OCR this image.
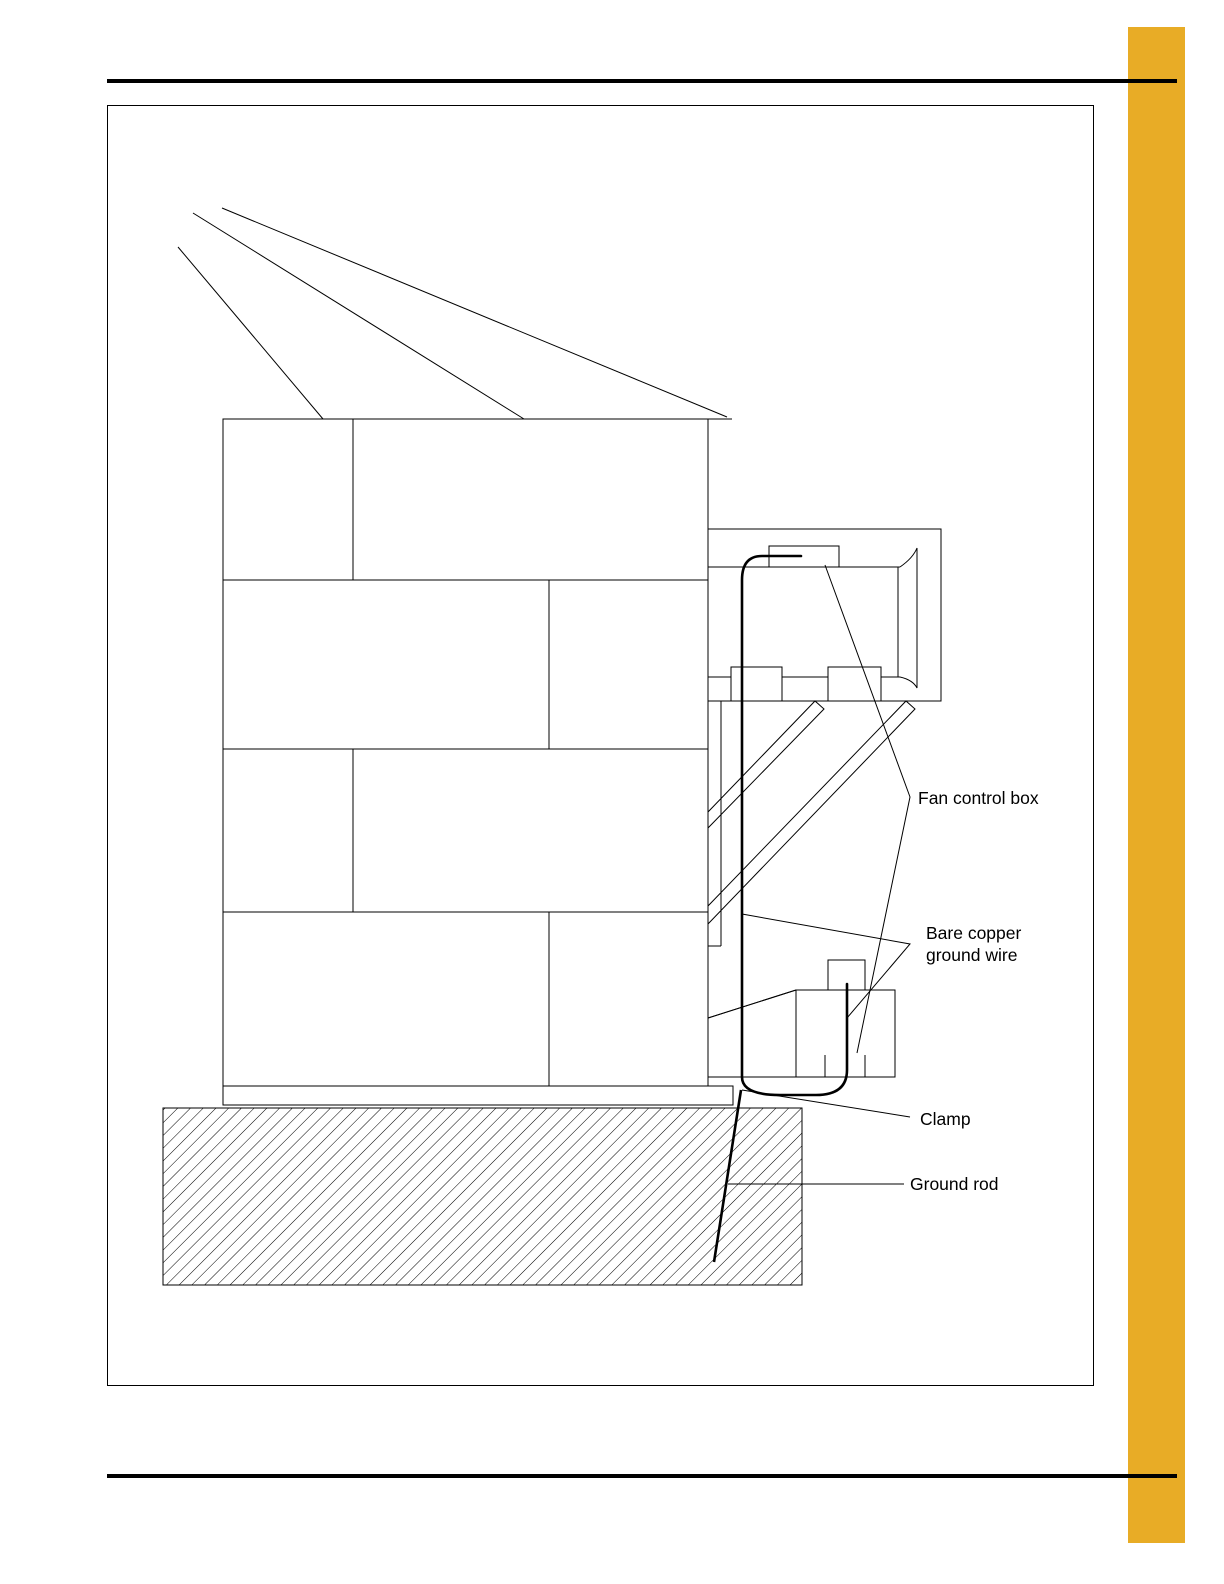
Fan control box
Bare copper
ground wire
Clamp
Ground rod
